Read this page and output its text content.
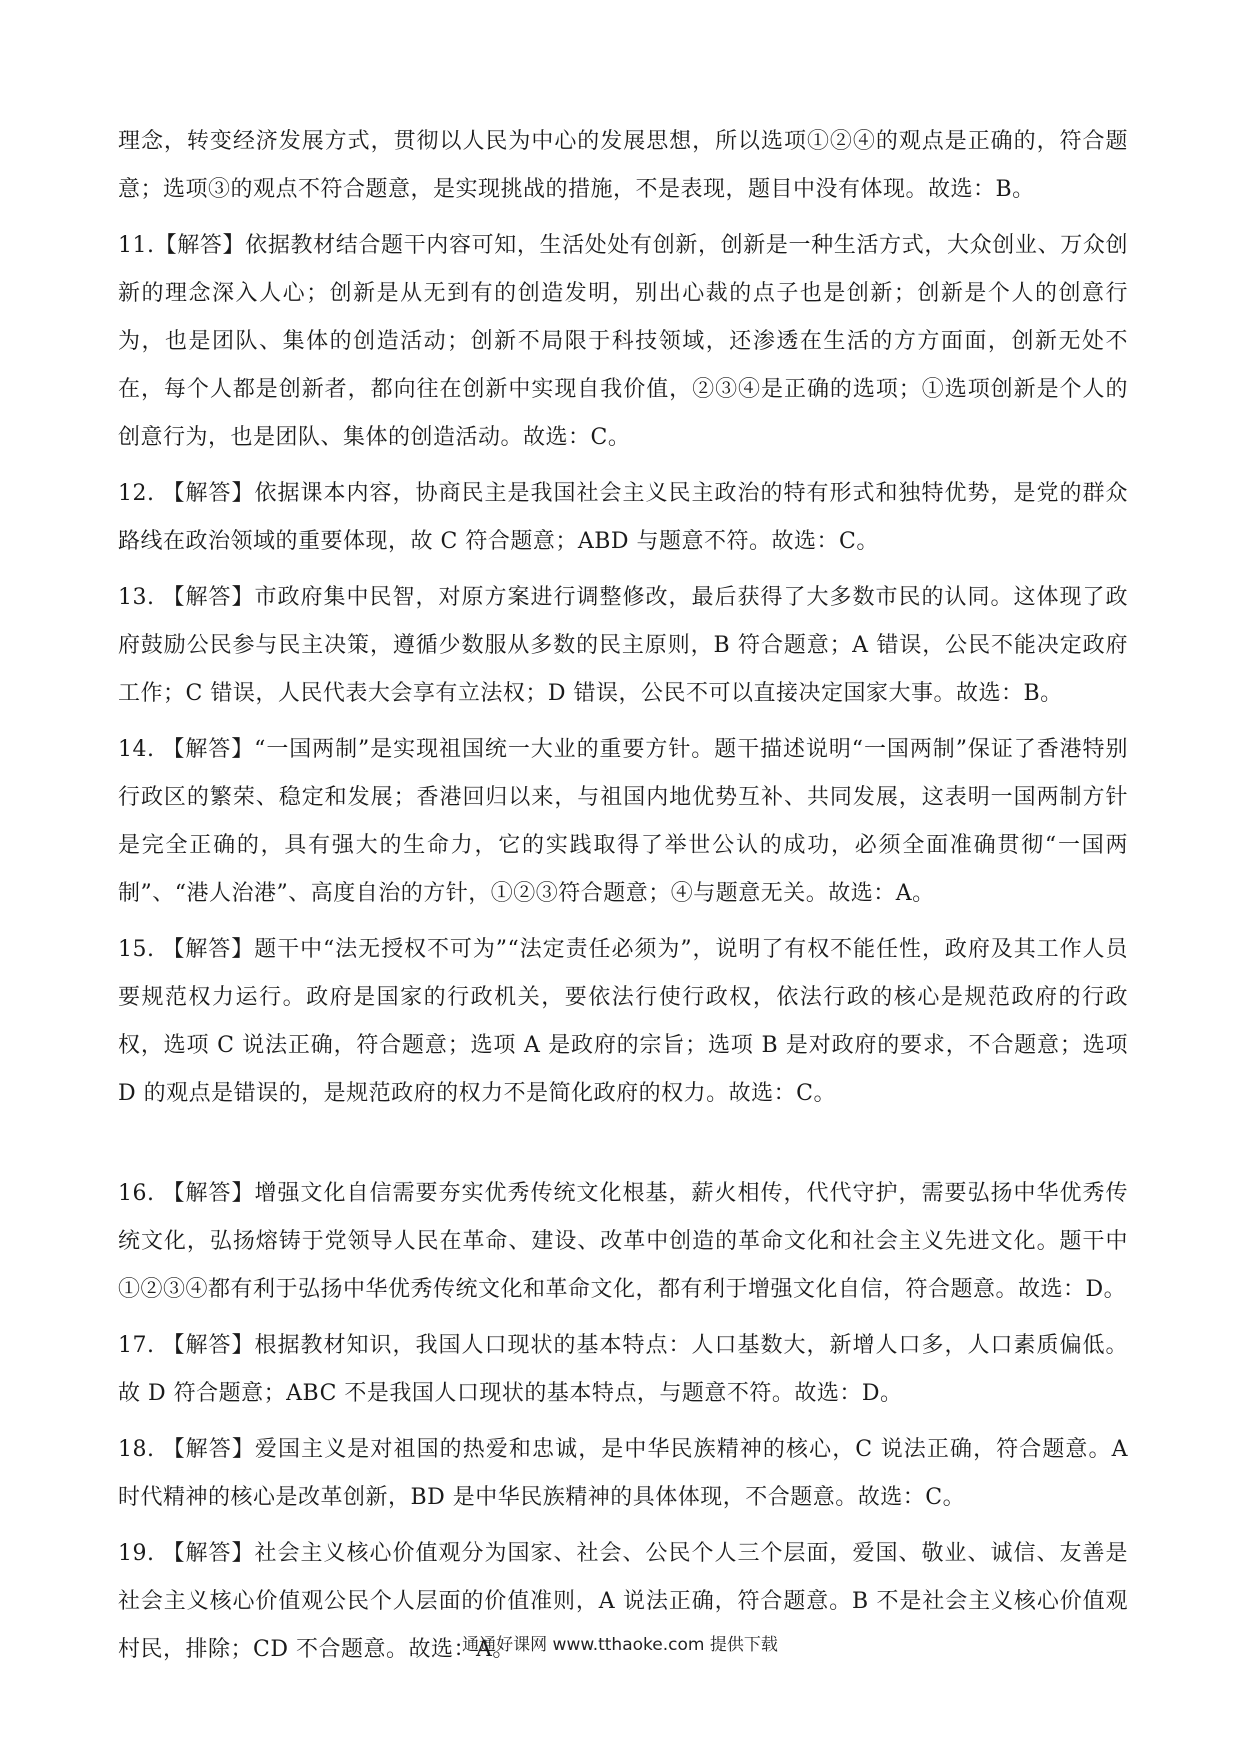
理念，转变经济发展方式，贯彻以人民为中心的发展思想，所以选项①②④的观点是正确的，符合题意；选项③的观点不符合题意，是实现挑战的措施，不是表现，题目中没有体现。故选：B。

11.【解答】依据教材结合题干内容可知，生活处处有创新，创新是一种生活方式，大众创业、万众创新的理念深入人心；创新是从无到有的创造发明，别出心裁的点子也是创新；创新是个人的创意行为，也是团队、集体的创造活动；创新不局限于科技领域，还渗透在生活的方方面面，创新无处不在，每个人都是创新者，都向往在创新中实现自我价值，②③④是正确的选项；①选项创新是个人的创意行为，也是团队、集体的创造活动。故选：C。

12. 【解答】依据课本内容，协商民主是我国社会主义民主政治的特有形式和独特优势，是党的群众路线在政治领域的重要体现，故 C 符合题意；ABD 与题意不符。故选：C。

13. 【解答】市政府集中民智，对原方案进行调整修改，最后获得了大多数市民的认同。这体现了政府鼓励公民参与民主决策，遵循少数服从多数的民主原则，B 符合题意；A 错误，公民不能决定政府工作；C 错误，人民代表大会享有立法权；D 错误，公民不可以直接决定国家大事。故选：B。

14. 【解答】“一国两制”是实现祖国统一大业的重要方针。题干描述说明“一国两制”保证了香港特别行政区的繁荣、稳定和发展；香港回归以来，与祖国内地优势互补、共同发展，这表明一国两制方针是完全正确的，具有强大的生命力，它的实践取得了举世公认的成功，必须全面准确贯彻“一国两制”、“港人治港”、高度自治的方针，①②③符合题意；④与题意无关。故选：A。

15. 【解答】题干中“法无授权不可为”“法定责任必须为”，说明了有权不能任性，政府及其工作人员要规范权力运行。政府是国家的行政机关，要依法行使行政权，依法行政的核心是规范政府的行政权，选项 C 说法正确，符合题意；选项 A 是政府的宗旨；选项 B 是对政府的要求，不合题意；选项 D 的观点是错误的，是规范政府的权力不是简化政府的权力。故选：C。

16. 【解答】增强文化自信需要夯实优秀传统文化根基，薪火相传，代代守护，需要弘扬中华优秀传统文化，弘扬熔铸于党领导人民在革命、建设、改革中创造的革命文化和社会主义先进文化。题干中①②③④都有利于弘扬中华优秀传统文化和革命文化，都有利于增强文化自信，符合题意。故选：D。

17. 【解答】根据教材知识，我国人口现状的基本特点：人口基数大，新增人口多，人口素质偏低。故 D 符合题意；ABC 不是我国人口现状的基本特点，与题意不符。故选：D。

18. 【解答】爱国主义是对祖国的热爱和忠诚，是中华民族精神的核心，C 说法正确，符合题意。A 时代精神的核心是改革创新，BD 是中华民族精神的具体体现，不合题意。故选：C。

19. 【解答】社会主义核心价值观分为国家、社会、公民个人三个层面，爱国、敬业、诚信、友善是社会主义核心价值观公民个人层面的价值准则，A 说法正确，符合题意。B 不是社会主义核心价值观村民，排除；CD 不合题意。故选：A。

通通好课网 www.tthaoke.com 提供下载
